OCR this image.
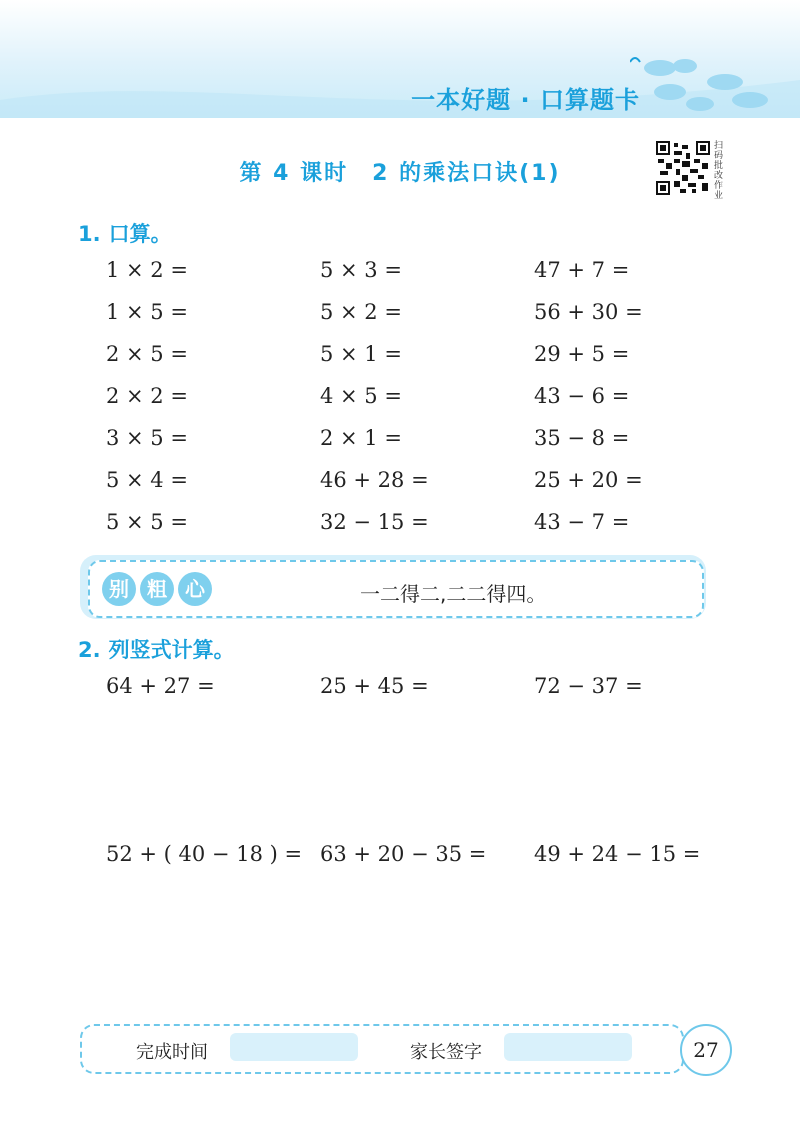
一本好题 · 口算题卡
第 4 课时　2 的乘法口诀(1)
扫码批改作业
1. 口算。
1 × 2 =	5 × 3 =	47 + 7 =
1 × 5 =	5 × 2 =	56 + 30 =
2 × 5 =	5 × 1 =	29 + 5 =
2 × 2 =	4 × 5 =	43 − 6 =
3 × 5 =	2 × 1 =	35 − 8 =
5 × 4 =	46 + 28 =	25 + 20 =
5 × 5 =	32 − 15 =	43 − 7 =
别 粗 心	一二得二,二二得四。
2. 列竖式计算。
64 + 27 =	25 + 45 =	72 − 37 =
52 + ( 40 − 18 ) = 63 + 20 − 35 = 49 + 24 − 15 =
完成时间	家长签字	27
